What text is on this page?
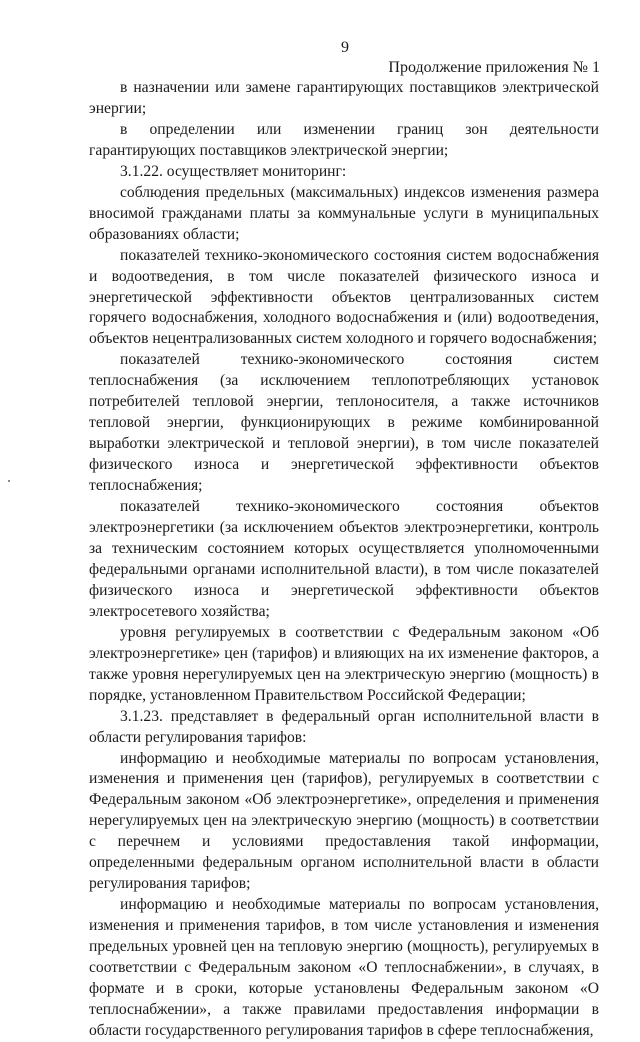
9
Продолжение приложения № 1

в назначении или замене гарантирующих поставщиков электрической энергии;

в определении или изменении границ зон деятельности гарантирующих поставщиков электрической энергии;

3.1.22. осуществляет мониторинг:

соблюдения предельных (максимальных) индексов изменения размера вносимой гражданами платы за коммунальные услуги в муниципальных образованиях области;

показателей технико-экономического состояния систем водоснабжения и водоотведения, в том числе показателей физического износа и энергетической эффективности объектов централизованных систем горячего водоснабжения, холодного водоснабжения и (или) водоотведения, объектов нецентрализованных систем холодного и горячего водоснабжения;

показателей технико-экономического состояния систем теплоснабжения (за исключением теплопотребляющих установок потребителей тепловой энергии, теплоносителя, а также источников тепловой энергии, функционирующих в режиме комбинированной выработки электрической и тепловой энергии), в том числе показателей физического износа и энергетической эффективности объектов теплоснабжения;

показателей технико-экономического состояния объектов электроэнергетики (за исключением объектов электроэнергетики, контроль за техническим состоянием которых осуществляется уполномоченными федеральными органами исполнительной власти), в том числе показателей физического износа и энергетической эффективности объектов электросетевого хозяйства;

уровня регулируемых в соответствии с Федеральным законом «Об электроэнергетике» цен (тарифов) и влияющих на их изменение факторов, а также уровня нерегулируемых цен на электрическую энергию (мощность) в порядке, установленном Правительством Российской Федерации;

3.1.23. представляет в федеральный орган исполнительной власти в области регулирования тарифов:

информацию и необходимые материалы по вопросам установления, изменения и применения цен (тарифов), регулируемых в соответствии с Федеральным законом «Об электроэнергетике», определения и применения нерегулируемых цен на электрическую энергию (мощность) в соответствии с перечнем и условиями предоставления такой информации, определенными федеральным органом исполнительной власти в области регулирования тарифов;

информацию и необходимые материалы по вопросам установления, изменения и применения тарифов, в том числе установления и изменения предельных уровней цен на тепловую энергию (мощность), регулируемых в соответствии с Федеральным законом «О теплоснабжении», в случаях, в формате и в сроки, которые установлены Федеральным законом «О теплоснабжении», а также правилами предоставления информации в области государственного регулирования тарифов в сфере теплоснабжения,
